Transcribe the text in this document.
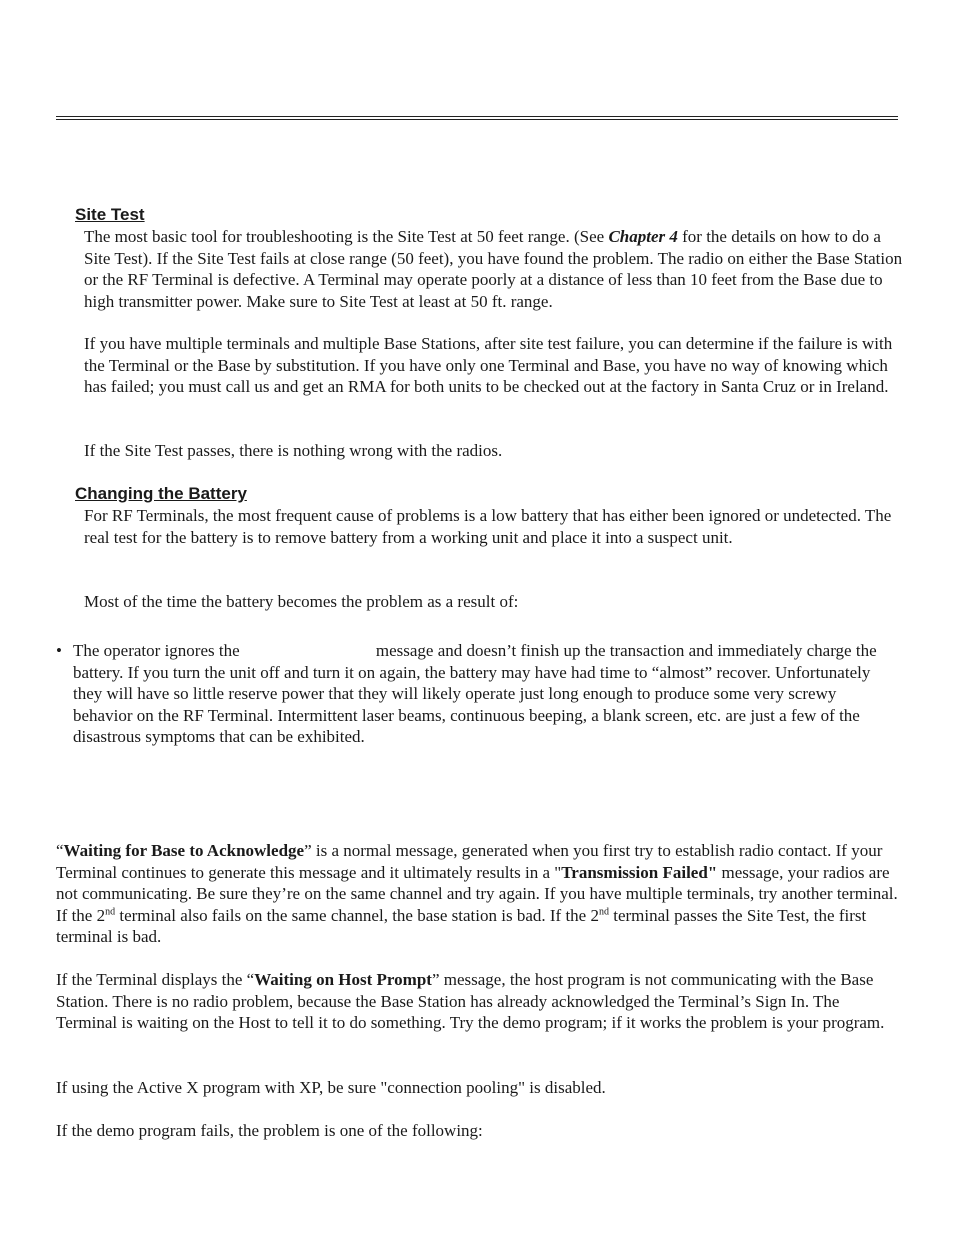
Site Test

The most basic tool for troubleshooting is the Site Test at 50 feet range. (See Chapter 4 for the details on how to do a Site Test). If the Site Test fails at close range (50 feet), you have found the problem. The radio on either the Base Station or the RF Terminal is defective. A Terminal may operate poorly at a distance of less than 10 feet from the Base due to high transmitter power. Make sure to Site Test at least at 50 ft. range.

If you have multiple terminals and multiple Base Stations, after site test failure, you can determine if the failure is with the Terminal or the Base by substitution. If you have only one Terminal and Base, you have no way of knowing which has failed; you must call us and get an RMA for both units to be checked out at the factory in Santa Cruz or in Ireland.

If the Site Test passes, there is nothing wrong with the radios.

Changing the Battery

For RF Terminals, the most frequent cause of problems is a low battery that has either been ignored or undetected. The real test for the battery is to remove battery from a working unit and place it into a suspect unit.

Most of the time the battery becomes the problem as a result of:

• The operator ignores the	message and doesn’t finish up the transaction and immediately charge the battery. If you turn the unit off and turn it on again, the battery may have had time to “almost” recover. Unfortunately they will have so little reserve power that they will likely operate just long enough to produce some very screwy behavior on the RF Terminal. Intermittent laser beams, continuous beeping, a blank screen, etc. are just a few of the disastrous symptoms that can be exhibited.

“Waiting for Base to Acknowledge” is a normal message, generated when you first try to establish radio contact. If your Terminal continues to generate this message and it ultimately results in a "Transmission Failed" message, your radios are not communicating. Be sure they’re on the same channel and try again. If you have multiple terminals, try another terminal. If the 2nd terminal also fails on the same channel, the base station is bad. If the 2nd terminal passes the Site Test, the first terminal is bad.

If the Terminal displays the “Waiting on Host Prompt” message, the host program is not communicating with the Base Station. There is no radio problem, because the Base Station has already acknowledged the Terminal’s Sign In. The Terminal is waiting on the Host to tell it to do something. Try the demo program; if it works the problem is your program.

If using the Active X program with XP, be sure "connection pooling" is disabled.

If the demo program fails, the problem is one of the following:
